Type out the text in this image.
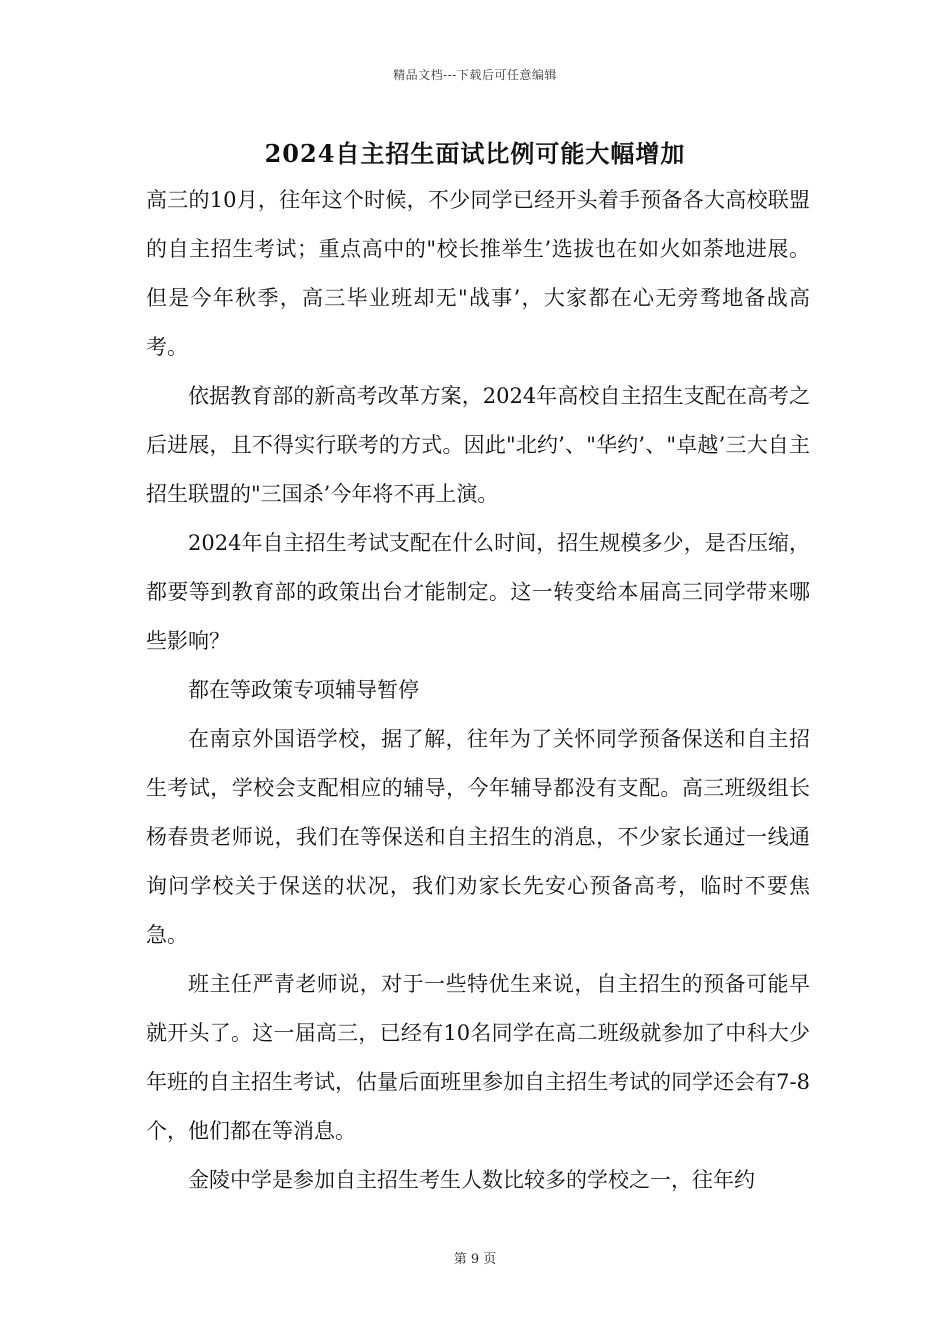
精品文档---下载后可任意编辑
2024自主招生面试比例可能大幅增加

高三的10月，往年这个时候，不少同学已经开头着手预备各大高校联盟的自主招生考试；重点高中的"校长推举生’选拔也在如火如荼地进展。但是今年秋季，高三毕业班却无"战事’，大家都在心无旁骛地备战高考。

依据教育部的新高考改革方案，2024年高校自主招生支配在高考之后进展，且不得实行联考的方式。因此"北约’、"华约’、"卓越’三大自主招生联盟的"三国杀’今年将不再上演。

2024年自主招生考试支配在什么时间，招生规模多少，是否压缩，都要等到教育部的政策出台才能制定。这一转变给本届高三同学带来哪些影响？

都在等政策专项辅导暂停

在南京外国语学校，据了解，往年为了关怀同学预备保送和自主招生考试，学校会支配相应的辅导，今年辅导都没有支配。高三班级组长杨春贵老师说，我们在等保送和自主招生的消息，不少家长通过一线通询问学校关于保送的状况，我们劝家长先安心预备高考，临时不要焦急。

班主任严青老师说，对于一些特优生来说，自主招生的预备可能早就开头了。这一届高三，已经有10名同学在高二班级就参加了中科大少年班的自主招生考试，估量后面班里参加自主招生考试的同学还会有7-8个，他们都在等消息。

金陵中学是参加自主招生考生人数比较多的学校之一，往年约

第 9 页
